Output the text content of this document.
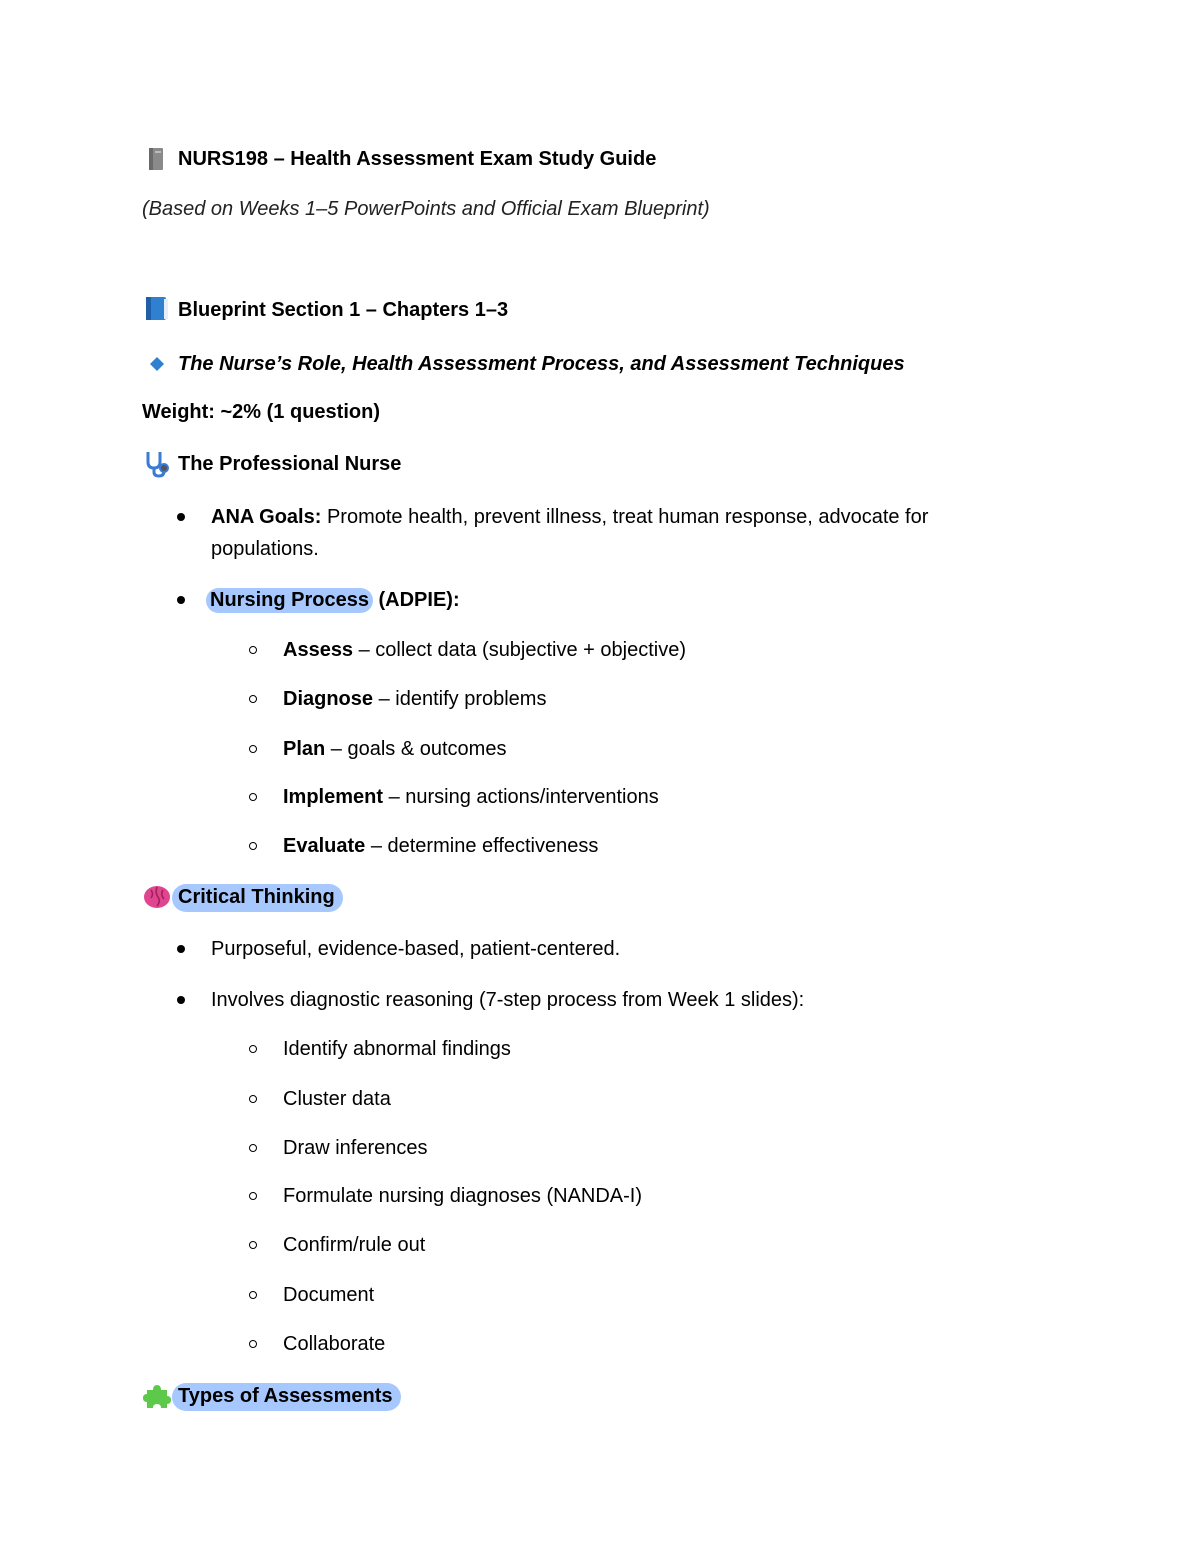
NURS198 – Health Assessment Exam Study Guide
(Based on Weeks 1–5 PowerPoints and Official Exam Blueprint)
Blueprint Section 1 – Chapters 1–3
The Nurse’s Role, Health Assessment Process, and Assessment Techniques
Weight: ~2% (1 question)
The Professional Nurse
ANA Goals: Promote health, prevent illness, treat human response, advocate for
populations.
Nursing Process (ADPIE):
Assess – collect data (subjective + objective)
Diagnose – identify problems
Plan – goals & outcomes
Implement – nursing actions/interventions
Evaluate – determine effectiveness
Critical Thinking
Purposeful, evidence-based, patient-centered.
Involves diagnostic reasoning (7-step process from Week 1 slides):
Identify abnormal findings
Cluster data
Draw inferences
Formulate nursing diagnoses (NANDA-I)
Confirm/rule out
Document
Collaborate
Types of Assessments
